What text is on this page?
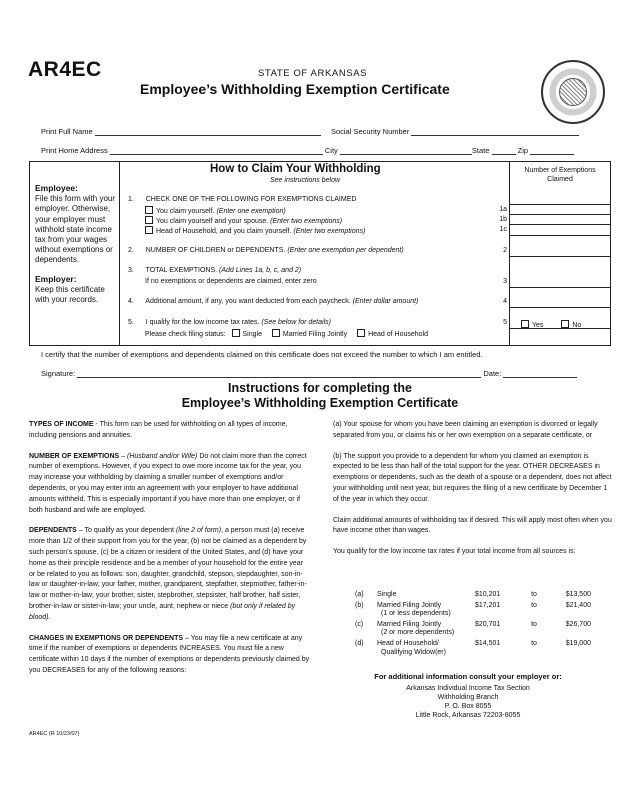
AR4EC	STATE OF ARKANSAS
Employee’s Withholding Exemption Certificate
Print Full Name	Social Security Number
Print Home Address	City	State	Zip
Employee:
File this form with your employer. Otherwise, your employer must withhold state income tax from your wages without exemptions or dependents.

Employer:
Keep this certificate with your records.
How to Claim Your Withholding
See instructions below
Number of Exemptions Claimed
1. CHECK ONE OF THE FOLLOWING FOR EXEMPTIONS CLAIMED
You claim yourself. (Enter one exemption)	1a
You claim yourself and your spouse. (Enter two exemptions)	1b
Head of Household, and you claim yourself. (Enter two exemptions)	1c
2. NUMBER OF CHILDREN or DEPENDENTS. (Enter one exemption per dependent)	2
3. TOTAL EXEMPTIONS. (Add Lines 1a, b, c, and 2)
If no exemptions or dependents are claimed, enter zero	3
4. Additional amount, if any, you want deducted from each paycheck. (Enter dollar amount)	4
5. I qualify for the low income tax rates. (See below for details)	5
Please check filing status: Single	Married Filing Jointly	Head of Household
Yes	No
I certify that the number of exemptions and dependents claimed on this certificate does not exceed the number to which I am entitled.
Signature:	Date:
Instructions for completing the
Employee’s Withholding Exemption Certificate

TYPES OF INCOME - This form can be used for withholding on all types of income, including pensions and annuities.

NUMBER OF EXEMPTIONS – (Husband and/or Wife) Do not claim more than the correct number of exemptions. However, if you expect to owe more income tax for the year, you may increase your withholding by claiming a smaller number of exemptions and/or dependents, or you may enter into an agreement with your employer to have additional amounts withheld. This is especially important if you have more than one employer, or if both husband and wife are employed.

DEPENDENTS – To qualify as your dependent (line 2 of form), a person must (a) receive more than 1/2 of their support from you for the year, (b) not be claimed as a dependent by such person’s spouse, (c) be a citizen or resident of the United States, and (d) have your home as their principle residence and be a member of your household for the entire year or be related to you as follows: son, daughter, grandchild, stepson, stepdaughter, son-in-law or daughter-in-law; your father, mother, grandparent, stepfather, stepmother, father-in-law or mother-in-law; your brother, sister, stepbrother, stepsister, half brother, half sister, brother-in-law or sister-in-law; your uncle, aunt, nephew or niece (but only if related by blood).

CHANGES IN EXEMPTIONS OR DEPENDENTS – You may file a new certificate at any time if the number of exemptions or dependents INCREASES. You must file a new certificate within 10 days if the number of exemptions or dependents previously claimed by you DECREASES for any of the following reasons:

(a) Your spouse for whom you have been claiming an exemption is divorced or legally separated from you, or claims his or her own exemption on a separate certificate, or

(b) The support you provide to a dependent for whom you claimed an exemption is expected to be less than half of the total support for the year. OTHER DECREASES in exemptions or dependents, such as the death of a spouse or a dependent, does not affect your withholding until next year, but requires the filing of a new certificate by December 1 of the year in which they occur.

Claim additional amounts of withholding tax if desired. This will apply most often when you have income other than wages.

You qualify for the low income tax rates if your total income from all sources is:

(a)	Single	$10,201	to	$13,500
(b)	Married Filing Jointly
(1 or less dependents)	$17,201	to	$21,400
(c)	Married Filing Jointly
(2 or more dependents)	$20,701	to	$26,700
(d)	Head of Household/
Qualifying Widow(er)	$14,501	to	$19,000
For additional information consult your employer or:
Arkansas Individual Income Tax Section
Withholding Branch
P. O. Box 8055
Little Rock, Arkansas 72203-8055
AR4EC (R 10/23/07)
